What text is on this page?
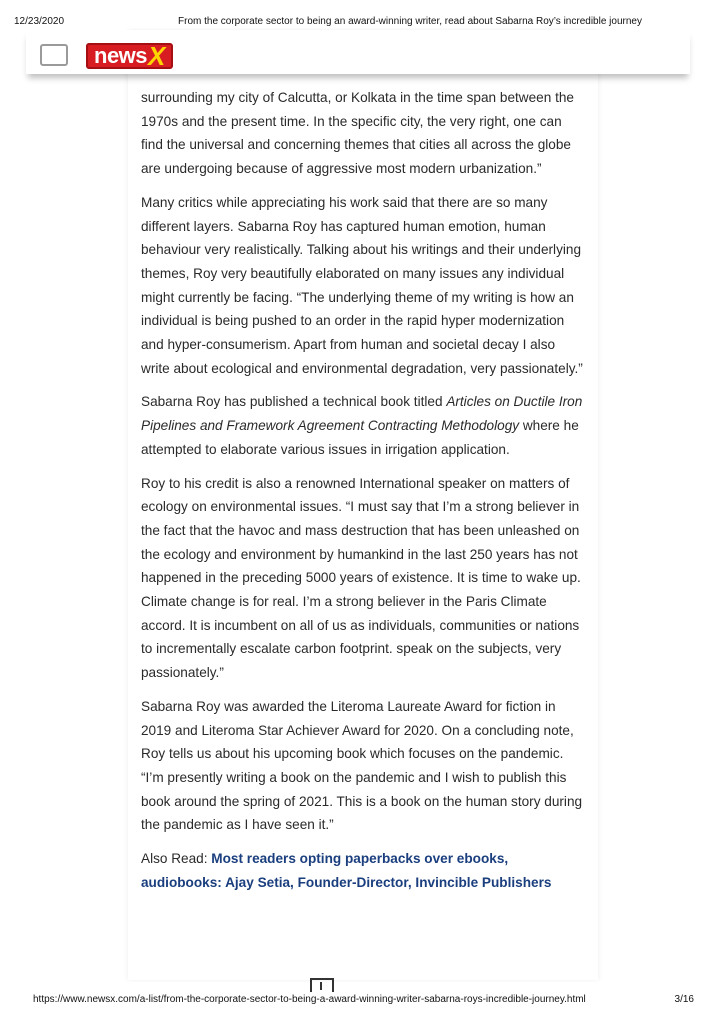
12/23/2020	From the corporate sector to being an award-winning writer, read about Sabarna Roy’s incredible journey
news X

surrounding my city of Calcutta, or Kolkata in the time span between the 1970s and the present time. In the specific city, the very right, one can find the universal and concerning themes that cities all across the globe are undergoing because of aggressive most modern urbanization.”

Many critics while appreciating his work said that there are so many different layers. Sabarna Roy has captured human emotion, human behaviour very realistically. Talking about his writings and their underlying themes, Roy very beautifully elaborated on many issues any individual might currently be facing. “The underlying theme of my writing is how an individual is being pushed to an order in the rapid hyper modernization and hyper-consumerism. Apart from human and societal decay I also write about ecological and environmental degradation, very passionately.”

Sabarna Roy has published a technical book titled Articles on Ductile Iron Pipelines and Framework Agreement Contracting Methodology where he attempted to elaborate various issues in irrigation application.

Roy to his credit is also a renowned International speaker on matters of ecology on environmental issues. “I must say that I’m a strong believer in the fact that the havoc and mass destruction that has been unleashed on the ecology and environment by humankind in the last 250 years has not happened in the preceding 5000 years of existence. It is time to wake up. Climate change is for real. I’m a strong believer in the Paris Climate accord. It is incumbent on all of us as individuals, communities or nations to incrementally escalate carbon footprint. speak on the subjects, very passionately.”

Sabarna Roy was awarded the Literoma Laureate Award for fiction in 2019 and Literoma Star Achiever Award for 2020. On a concluding note, Roy tells us about his upcoming book which focuses on the pandemic. “I’m presently writing a book on the pandemic and I wish to publish this book around the spring of 2021. This is a book on the human story during the pandemic as I have seen it.”

Also Read: Most readers opting paperbacks over ebooks, audiobooks: Ajay Setia, Founder-Director, Invincible Publishers

https://www.newsx.com/a-list/from-the-corporate-sector-to-being-a-award-winning-writer-sabarna-roys-incredible-journey.html	3/16
